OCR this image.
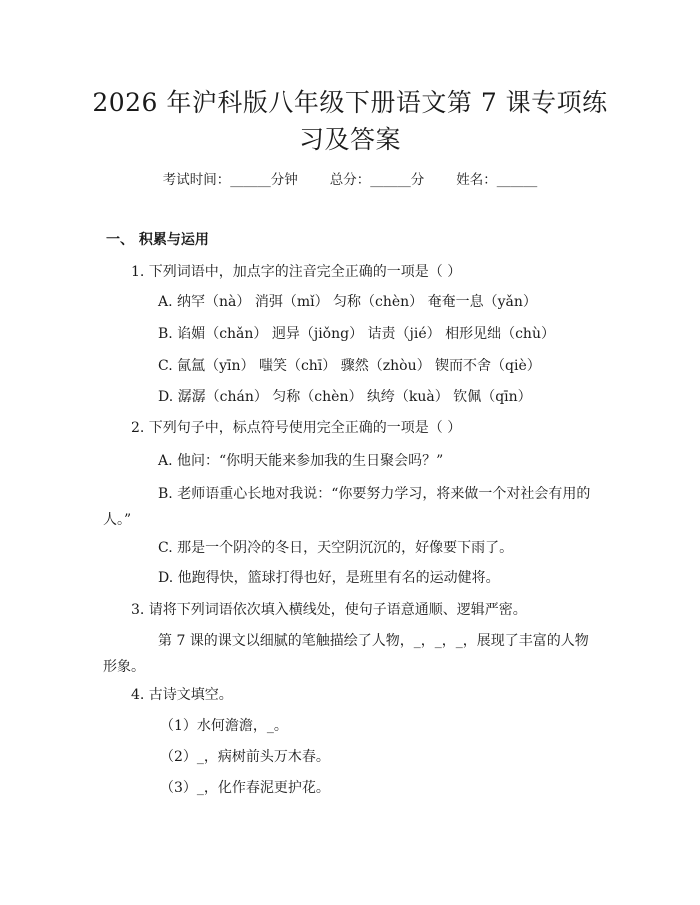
2026 年沪科版八年级下册语文第 7 课专项练
习及答案
考试时间：______分钟 总分：______分 姓名：______
一、 积累与运用
1. 下列词语中，加点字的注音完全正确的一项是（ ）
A. 纳罕（nà） 消弭（mǐ） 匀称（chèn） 奄奄一息（yǎn）
B. 谄媚（chǎn） 迥异（jiǒng） 诘责（jié） 相形见绌（chù）
C. 氤氲（yīn） 嗤笑（chī） 骤然（zhòu） 锲而不舍（qiè）
D. 潺潺（chán） 匀称（chèn） 纨绔（kuà） 钦佩（qīn）
2. 下列句子中，标点符号使用完全正确的一项是（ ）
A. 他问：“你明天能来参加我的生日聚会吗？”
B. 老师语重心长地对我说：“你要努力学习，将来做一个对社会有用的人。”
C. 那是一个阴冷的冬日，天空阴沉沉的，好像要下雨了。
D. 他跑得快，篮球打得也好，是班里有名的运动健将。
3. 请将下列词语依次填入横线处，使句子语意通顺、逻辑严密。
第 7 课的课文以细腻的笔触描绘了人物，_，_，_，展现了丰富的人物形象。
4. 古诗文填空。
（1）水何澹澹，_。
（2）_，病树前头万木春。
（3）_，化作春泥更护花。
